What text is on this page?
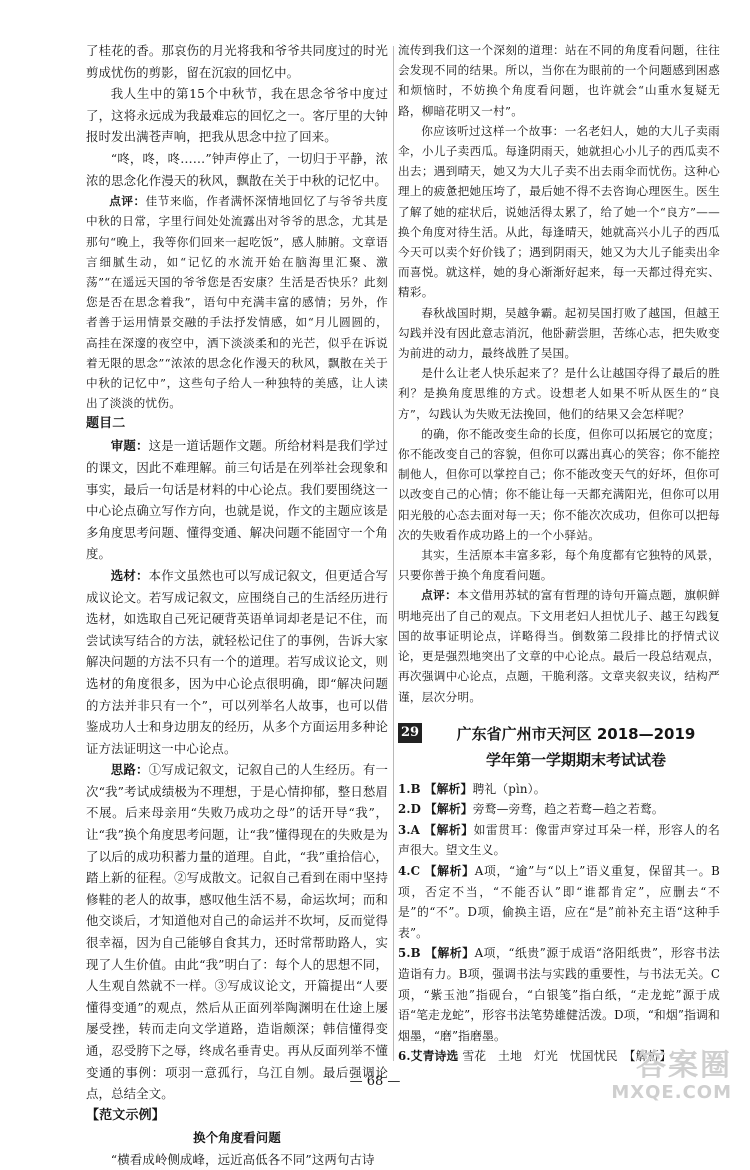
了桂花的香。那哀伤的月光将我和爷爷共同度过的时光剪成忧伤的剪影，留在沉寂的回忆中。

我人生中的第15个中秋节，我在思念爷爷中度过了，这将永远成为我最难忘的回忆之一。客厅里的大钟报时发出满苍声响，把我从思念中拉了回来。

“咚，咚，咚……”钟声停止了，一切归于平静，浓浓的思念化作漫天的秋风，飘散在关于中秋的记忆中。

点评：佳节来临，作者满怀深情地回忆了与爷爷共度中秋的日常，字里行间处处流露出对爷爷的思念，尤其是那句“晚上，我等你们回来一起吃饭”，感人肺腑。文章语言细腻生动，如“记忆的水流开始在脑海里汇聚、激荡”“在遥远天国的爷爷您是否安康？生活是否快乐？此刻您是否在思念着我”，语句中充满丰富的感情；另外，作者善于运用情景交融的手法抒发情感，如“月儿圆圆的，高挂在深邃的夜空中，洒下淡淡柔和的光芒，似乎在诉说着无限的思念”“浓浓的思念化作漫天的秋风，飘散在关于中秋的记忆中”，这些句子给人一种独特的美感，让人读出了淡淡的忧伤。

题目二

审题：这是一道话题作文题。所给材料是我们学过的课文，因此不难理解。前三句话是在列举社会现象和事实，最后一句话是材料的中心论点。我们要围绕这一中心论点确立写作方向，也就是说，作文的主题应该是多角度思考问题、懂得变通、解决问题不能固守一个角度。

选材：本作文虽然也可以写成记叙文，但更适合写成议论文。若写成记叙文，应围绕自己的生活经历进行选材，如选取自己死记硬背英语单词却老是记不住，而尝试读写结合的方法，就轻松记住了的事例，告诉大家解决问题的方法不只有一个的道理。若写成议论文，则选材的角度很多，因为中心论点很明确，即“解决问题的方法并非只有一个”，可以列举名人故事，也可以借鉴成功人士和身边朋友的经历，从多个方面运用多种论证方法证明这一中心论点。

思路：①写成记叙文，记叙自己的人生经历。有一次“我”考试成绩极为不理想，于是心情抑郁，整日愁眉不展。后来母亲用“失败乃成功之母”的话开导“我”，让“我”换个角度思考问题，让“我”懂得现在的失败是为了以后的成功积蓄力量的道理。自此，“我”重拾信心，踏上新的征程。②写成散文。记叙自己看到在雨中坚持修鞋的老人的故事，感叹他生活不易，命运坎坷；而和他交谈后，才知道他对自己的命运并不坎坷，反而觉得很幸福，因为自己能够自食其力，还时常帮助路人，实现了人生价值。由此“我”明白了：每个人的思想不同，人生观自然就不一样。③写成议论文，开篇提出“人要懂得变通”的观点，然后从正面列举陶渊明在仕途上屡屡受挫，转而走向文学道路，造诣颇深；韩信懂得变通，忍受胯下之辱，终成名垂青史。再从反面列举不懂变通的事例：项羽一意孤行，乌江自刎。最后强调论点，总结全文。

【范文示例】

换个角度看问题

“横看成岭侧成峰，远近高低各不同”这两句古诗

流传到我们这一个深刻的道理：站在不同的角度看问题，往往会发现不同的结果。所以，当你在为眼前的一个问题感到困惑和烦恼时，不妨换个角度看问题，也许就会“山重水复疑无路，柳暗花明又一村”。

你应该听过这样一个故事：一名老妇人，她的大儿子卖雨伞，小儿子卖西瓜。每逢阴雨天，她就担心小儿子的西瓜卖不出去；遇到晴天，她又为大儿子卖不出去雨伞而忧伤。这种心理上的疲惫把她压垮了，最后她不得不去咨询心理医生。医生了解了她的症状后，说她活得太累了，给了她一个“良方”——换个角度对待生活。从此，每逢晴天，她就高兴小儿子的西瓜今天可以卖个好价钱了；遇到阴雨天，她又为大儿子能卖出伞而喜悦。就这样，她的身心渐渐好起来，每一天都过得充实、精彩。

春秋战国时期，吴越争霸。起初吴国打败了越国，但越王勾践并没有因此意志消沉，他卧薪尝胆，苦练心志，把失败变为前进的动力，最终战胜了吴国。

是什么让老人快乐起来了？是什么让越国夺得了最后的胜利？是换角度思维的方式。设想老人如果不听从医生的“良方”，勾践认为失败无法挽回，他们的结果又会怎样呢？

的确，你不能改变生命的长度，但你可以拓展它的宽度；你不能改变自己的容貌，但你可以露出真心的笑容；你不能控制他人，但你可以掌控自己；你不能改变天气的好坏，但你可以改变自己的心情；你不能让每一天都充满阳光，但你可以用阳光般的心态去面对每一天；你不能次次成功，但你可以把每次的失败看作成功路上的一个小驿站。

其实，生活原本丰富多彩，每个角度都有它独特的风景，只要你善于换个角度看问题。

点评：本文借用苏轼的富有哲理的诗句开篇点题，旗帜鲜明地亮出了自己的观点。下文用老妇人担忧儿子、越王勾践复国的故事证明论点，详略得当。倒数第二段排比的抒情式议论，更是强烈地突出了文章的中心论点。最后一段总结观点，再次强调中心论点，点题，干脆利落。文章夹叙夹议，结构严谨，层次分明。

29	广东省广州市天河区 2018—2019
学年第一学期期末考试试卷

1.B 【解析】聘礼（pìn）。

2.D 【解析】旁鹜—旁骛，趋之若鹜—趋之若鹜。

3.A 【解析】如雷贯耳：像雷声穿过耳朵一样，形容人的名声很大。望文生义。

4.C 【解析】A项，“逾”与“以上”语义重复，保留其一。B项，否定不当，“不能否认”即“谁都肯定”，应删去“不是”的“不”。D项，偷换主语，应在“是”前补充主语“这种手表”。

5.B 【解析】A项，“纸贵”源于成语“洛阳纸贵”，形容书法造诣有力。B项，强调书法与实践的重要性，与书法无关。C项，“紫玉池”指砚台，“白银笺”指白纸，“走龙蛇”源于成语“笔走龙蛇”，形容书法笔势雄健活泼。D项，“和烟”指调和烟墨，“磨”指磨墨。

6.艾青诗选 雪花　土地　灯光　忧国忧民　【解析】

— 68 —	答案圈
MXQE.COM
